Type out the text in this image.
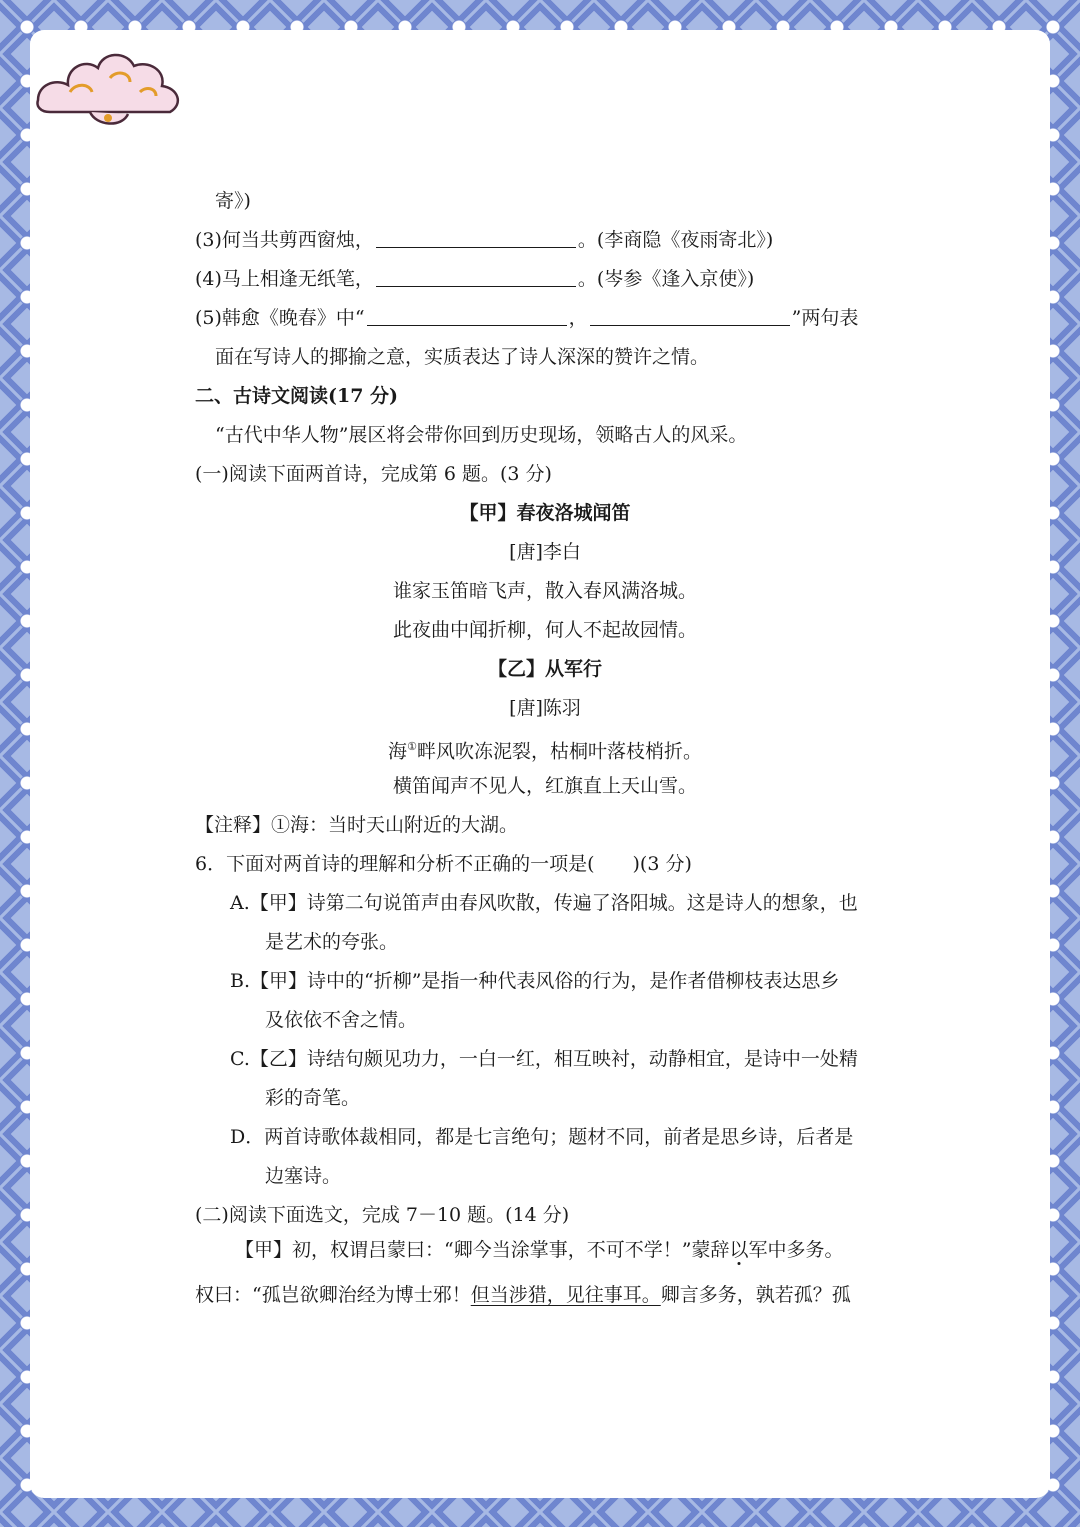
寄》)
(3)何当共剪西窗烛，	。(李商隐《夜雨寄北》)
(4)马上相逢无纸笔，	。(岑参《逢入京使》)
(5)韩愈《晚春》中“	，	”两句表
面在写诗人的揶揄之意，实质表达了诗人深深的赞许之情。
二、古诗文阅读(17 分)
“古代中华人物”展区将会带你回到历史现场，领略古人的风采。
(一)阅读下面两首诗，完成第 6 题。(3 分)
【甲】春夜洛城闻笛
[唐]李白
谁家玉笛暗飞声，散入春风满洛城。
此夜曲中闻折柳，何人不起故园情。
【乙】从军行
[唐]陈羽
海①畔风吹冻泥裂，枯桐叶落枝梢折。
横笛闻声不见人，红旗直上天山雪。
【注释】①海：当时天山附近的大湖。
6．下面对两首诗的理解和分析不正确的一项是(　　)(3 分)
A.【甲】诗第二句说笛声由春风吹散，传遍了洛阳城。这是诗人的想象，也
是艺术的夸张。
B.【甲】诗中的“折柳”是指一种代表风俗的行为，是作者借柳枝表达思乡
及依依不舍之情。
C.【乙】诗结句颇见功力，一白一红，相互映衬，动静相宜，是诗中一处精
彩的奇笔。
D．两首诗歌体裁相同，都是七言绝句；题材不同，前者是思乡诗，后者是
边塞诗。
(二)阅读下面选文，完成 7－10 题。(14 分)
【甲】初，权谓吕蒙曰：“卿今当涂掌事，不可不学！”蒙辞以军中多务。
权曰：“孤岂欲卿治经为博士邪！但当涉猎，见往事耳。卿言多务，孰若孤？孤
